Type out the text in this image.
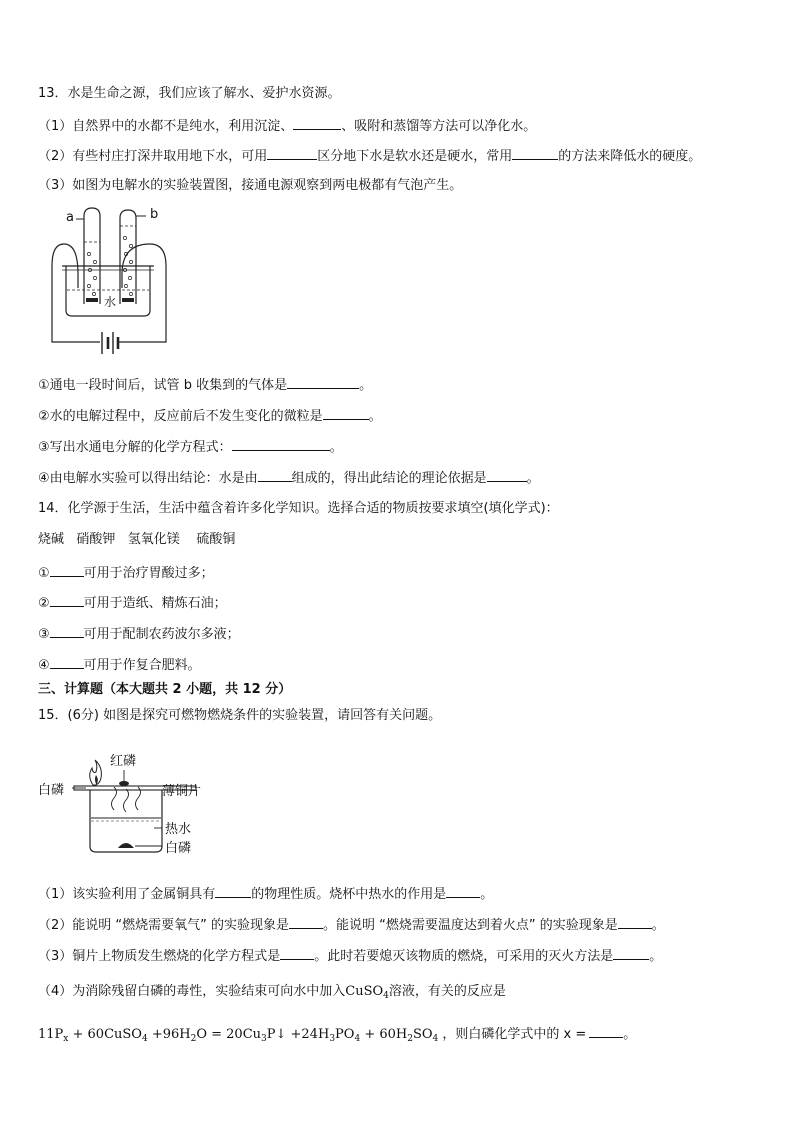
13．水是生命之源，我们应该了解水、爱护水资源。
（1）自然界中的水都不是纯水，利用沉淀、	、吸附和蒸馏等方法可以净化水。
（2）有些村庄打深井取用地下水，可用	区分地下水是软水还是硬水，常用	的方法来降低水的硬度。
（3）如图为电解水的实验装置图，接通电源观察到两电极都有气泡产生。
a	b
水
①通电一段时间后，试管 b 收集到的气体是	。
②水的电解过程中，反应前后不发生变化的微粒是	。
③写出水通电分解的化学方程式：	。
④由电解水实验可以得出结论：水是由	组成的，得出此结论的理论依据是	。
14．化学源于生活，生活中蕴含着许多化学知识。选择合适的物质按要求填空(填化学式)：
烧碱   硝酸钾   氢氧化镁    硫酸铜
①	可用于治疗胃酸过多；
②	可用于造纸、精炼石油；
③	可用于配制农药波尔多液；
④	可用于作复合肥料。
三、计算题（本大题共 2 小题，共 12 分）
15．(6分) 如图是探究可燃物燃烧条件的实验装置，请回答有关问题。
红磷
白磷	薄铜片
热水
白磷
（1）该实验利用了金属铜具有	的物理性质。烧杯中热水的作用是	。
（2）能说明 “燃烧需要氧气” 的实验现象是	。能说明 “燃烧需要温度达到着火点” 的实验现象是	。
（3）铜片上物质发生燃烧的化学方程式是	。此时若要熄灭该物质的燃烧，可采用的灭火方法是	。
（4）为消除残留白磷的毒性，实验结束可向水中加入CuSO$_4$溶液，有关的反应是
$11P_x$ + 60CuSO$_4$ $+96H_2O$ = $20Cu_3P↓ +24H_3PO_4 + 60H_2SO_4$ ，则白磷化学式中的 x =	。
